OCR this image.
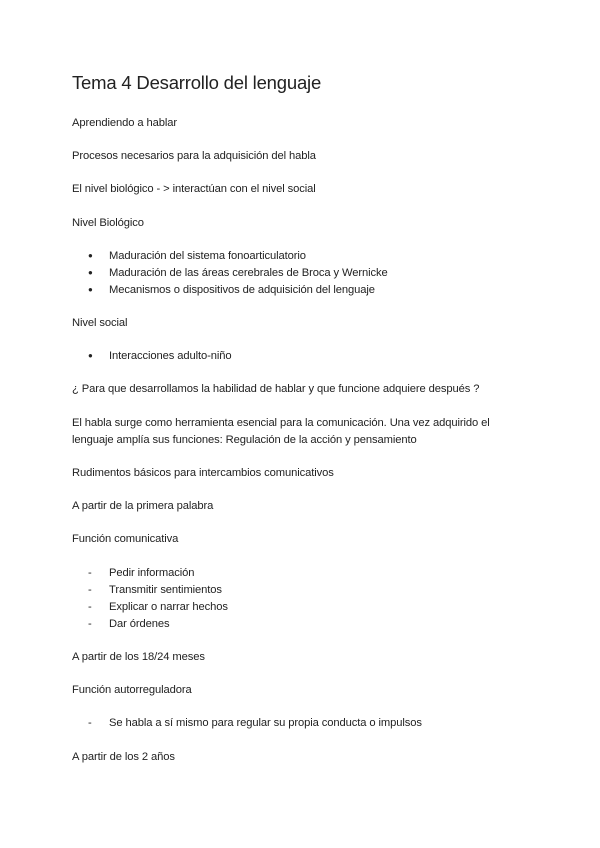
Tema 4 Desarrollo del lenguaje
Aprendiendo a hablar
Procesos necesarios para la adquisición del habla
El nivel biológico - > interactúan con el nivel social
Nivel Biológico
●
Maduración del sistema fonoarticulatorio
●
Maduración de las áreas cerebrales de Broca y Wernicke
●
Mecanismos o dispositivos de adquisición del lenguaje
Nivel social
●
Interacciones adulto-niño
¿ Para que desarrollamos la habilidad de hablar y que funcione adquiere después ?
El habla surge como herramienta esencial para la comunicación. Una vez adquirido el lenguaje amplía sus funciones: Regulación de la acción y pensamiento
Rudimentos básicos para intercambios comunicativos
A partir de la primera palabra
Función comunicativa
-
Pedir información
-
Transmitir sentimientos
-
Explicar o narrar hechos
-
Dar órdenes
A partir de los 18/24 meses
Función autorreguladora
-
Se habla a sí mismo para regular su propia conducta o impulsos
A partir de los 2 años
